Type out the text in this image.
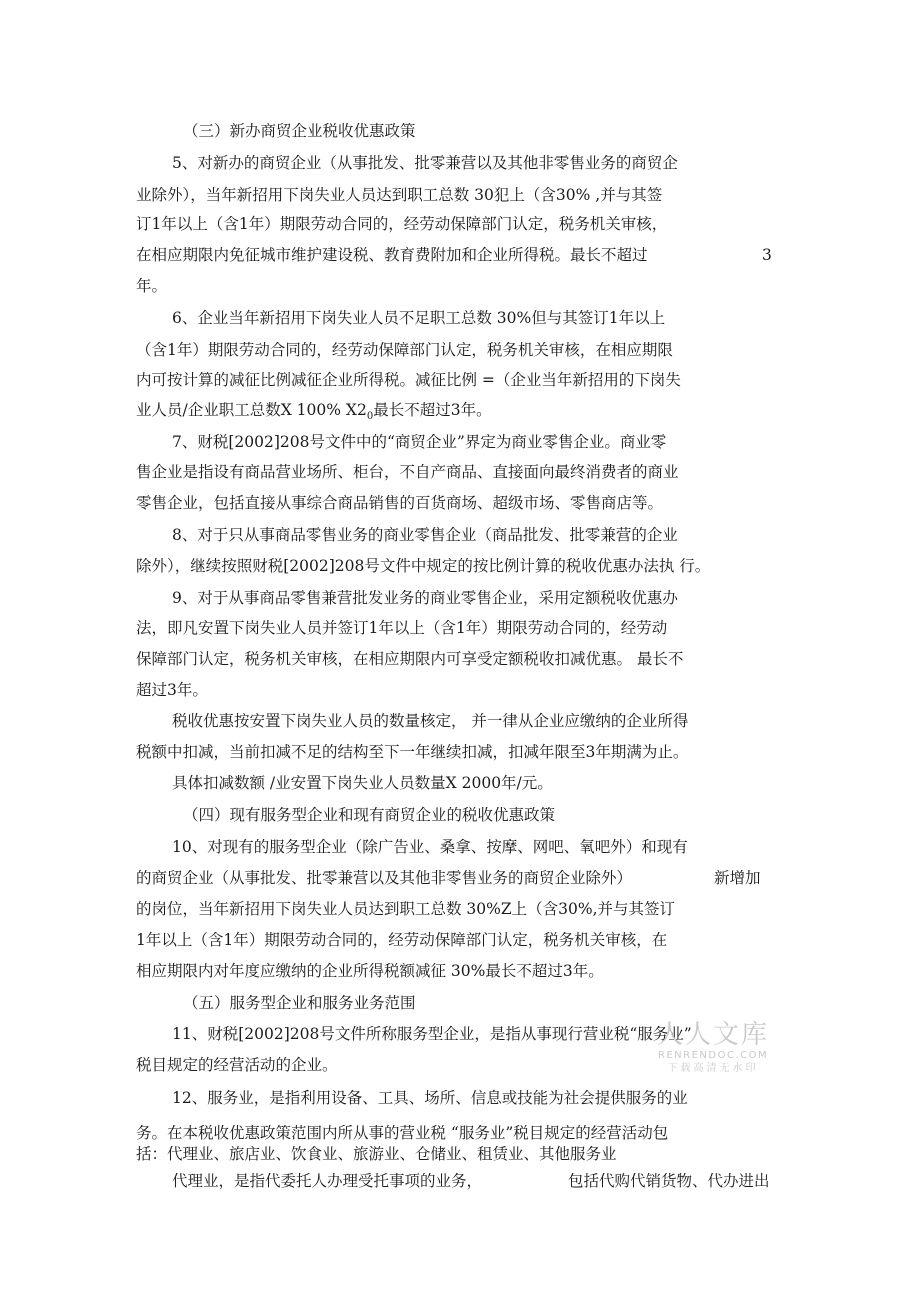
（三）新办商贸企业税收优惠政策
5、对新办的商贸企业（从事批发、批零兼营以及其他非零售业务的商贸企
业除外），当年新招用下岗失业人员达到职工总数 30犯上（含30% ,并与其签
订1年以上（含1年）期限劳动合同的，经劳动保障部门认定，税务机关审核，
在相应期限内免征城市维护建设税、教育费附加和企业所得税。最长不超过	3
年。
6、企业当年新招用下岗失业人员不足职工总数 30%但与其签订1年以上
（含1年）期限劳动合同的，经劳动保障部门认定，税务机关审核，在相应期限
内可按计算的减征比例减征企业所得税。减征比例 =（企业当年新招用的下岗失
业人员/企业职工总数X 100% $X2_0$最长不超过3年。
7、财税[2002]208号文件中的“商贸企业”界定为商业零售企业。商业零
售企业是指设有商品营业场所、柜台，不自产商品、直接面向最终消费者的商业
零售企业，包括直接从事综合商品销售的百货商场、超级市场、零售商店等。
8、对于只从事商品零售业务的商业零售企业（商品批发、批零兼营的企业
除外），继续按照财税[2002]208号文件中规定的按比例计算的税收优惠办法执 行。
9、对于从事商品零售兼营批发业务的商业零售企业，采用定额税收优惠办
法，即凡安置下岗失业人员并签订1年以上（含1年）期限劳动合同的，经劳动
保障部门认定，税务机关审核，在相应期限内可享受定额税收扣减优惠。 最长不
超过3年。
税收优惠按安置下岗失业人员的数量核定， 并一律从企业应缴纳的企业所得
税额中扣减，当前扣减不足的结构至下一年继续扣减，扣减年限至3年期满为止。
具体扣减数额 /业安置下岗失业人员数量X 2000年/元。
（四）现有服务型企业和现有商贸企业的税收优惠政策
10、对现有的服务型企业（除广告业、桑拿、按摩、网吧、氧吧外）和现有
的商贸企业（从事批发、批零兼营以及其他非零售业务的商贸企业除外）	新增加
的岗位，当年新招用下岗失业人员达到职工总数 30%Z上（含30%,并与其签订
1年以上（含1年）期限劳动合同的，经劳动保障部门认定，税务机关审核，在
相应期限内对年度应缴纳的企业所得税额减征 30%最长不超过3年。
（五）服务型企业和服务业务范围
11、财税[2002]208号文件所称服务型企业，是指从事现行营业税“服务业”
税目规定的经营活动的企业。
12、服务业，是指利用设备、工具、场所、信息或技能为社会提供服务的业
务。在本税收优惠政策范围内所从事的营业税 “服务业”税目规定的经营活动包
括：代理业、旅店业、饮食业、旅游业、仓储业、租赁业、其他服务业
代理业，是指代委托人办理受托事项的业务，	包括代购代销货物、代办进出
人人文库
RENRENDOC.COM
下载高清无水印
